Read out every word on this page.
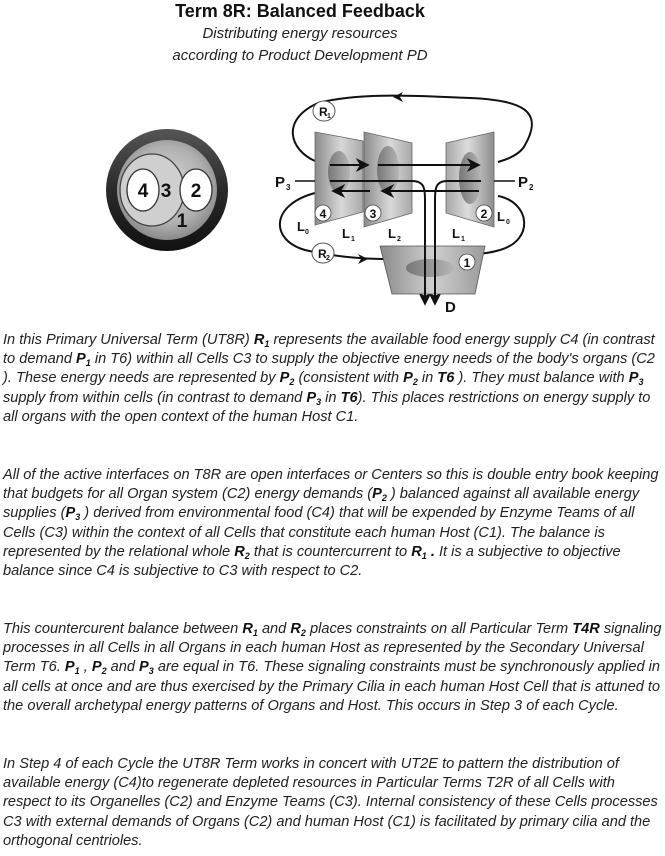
Term 8R: Balanced Feedback
Distributing energy resources
according to Product Development PD
4 3 2
1
R 1
R 2
P 3	P 2
4	3	2
1
L 0	L 1	L 2	L 1
L 0
D
In this Primary Universal Term (UT8R) $R_1$ represents the available food energy supply C4 (in contrast to demand $P_1$ in T6) within all Cells C3 to supply the objective energy needs of the body's organs (C2 ). These energy needs are represented by $P_2$ (consistent with $P_2$ in T6 ). They must balance with $P_3$ supply from within cells (in contrast to demand $P_3$ in T6). This places restrictions on energy supply to all organs with the open context of the human Host C1.
All of the active interfaces on T8R are open interfaces or Centers so this is double entry book keeping that budgets for all Organ system (C2) energy demands ($P_2$ ) balanced against all available energy supplies ($P_3$ ) derived from environmental food (C4) that will be expended by Enzyme Teams of all Cells (C3) within the context of all Cells that constitute each human Host (C1). The balance is represented by the relational whole $R_2$ that is countercurrent to $R_1$ . It is a subjective to objective balance since C4 is subjective to C3 with respect to C2.
This countercurent balance between $R_1$ and $R_2$ places constraints on all Particular Term T4R signaling processes in all Cells in all Organs in each human Host as represented by the Secondary Universal Term T6. $P_1$ , $P_2$ and $P_3$ are equal in T6. These signaling constraints must be synchronously applied in all cells at once and are thus exercised by the Primary Cilia in each human Host Cell that is attuned to the overall archetypal energy patterns of Organs and Host. This occurs in Step 3 of each Cycle.
In Step 4 of each Cycle the UT8R Term works in concert with UT2E to pattern the distribution of available energy (C4)to regenerate depleted resources in Particular Terms T2R of all Cells with respect to its Organelles (C2) and Enzyme Teams (C3). Internal consistency of these Cells processes C3 with external demands of Organs (C2) and human Host (C1) is facilitated by primary cilia and the orthogonal centrioles.
